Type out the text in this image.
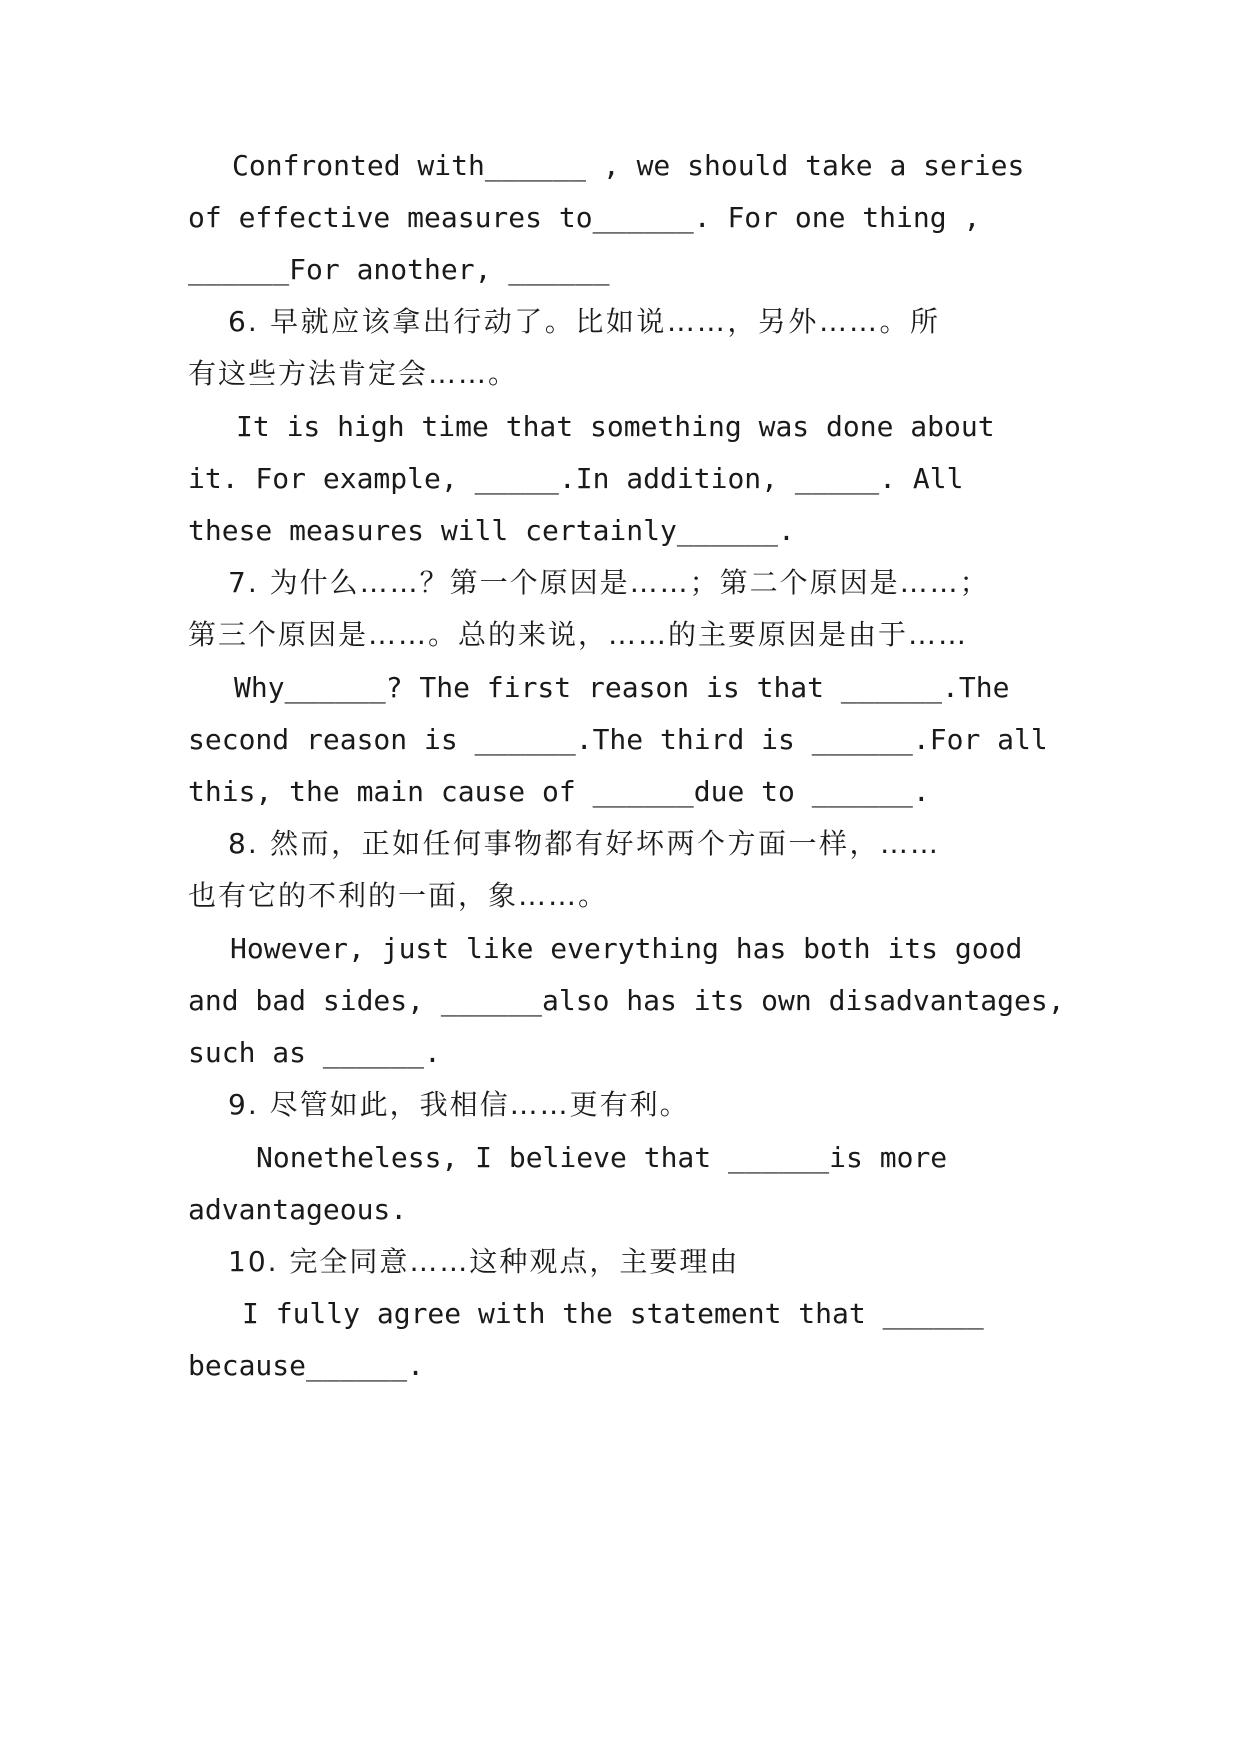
Confronted with______ , we should take a series
of effective measures to______. For one thing ,
______For another, ______
6. 早就应该拿出行动了。比如说……，另外……。所
有这些方法肯定会……。
It is high time that something was done about
it. For example, _____.In addition, _____. All
these measures will certainly______.
7. 为什么……？第一个原因是……；第二个原因是……；
第三个原因是……。总的来说，……的主要原因是由于……
Why______? The first reason is that ______.The
second reason is ______.The third is ______.For all
this, the main cause of ______due to ______.
8. 然而，正如任何事物都有好坏两个方面一样，……
也有它的不利的一面，象……。
However, just like everything has both its good
and bad sides, ______also has its own disadvantages,
such as ______.
9. 尽管如此，我相信……更有利。
Nonetheless, I believe that ______is more
advantageous.
10. 完全同意……这种观点，主要理由
I fully agree with the statement that ______
because______.
